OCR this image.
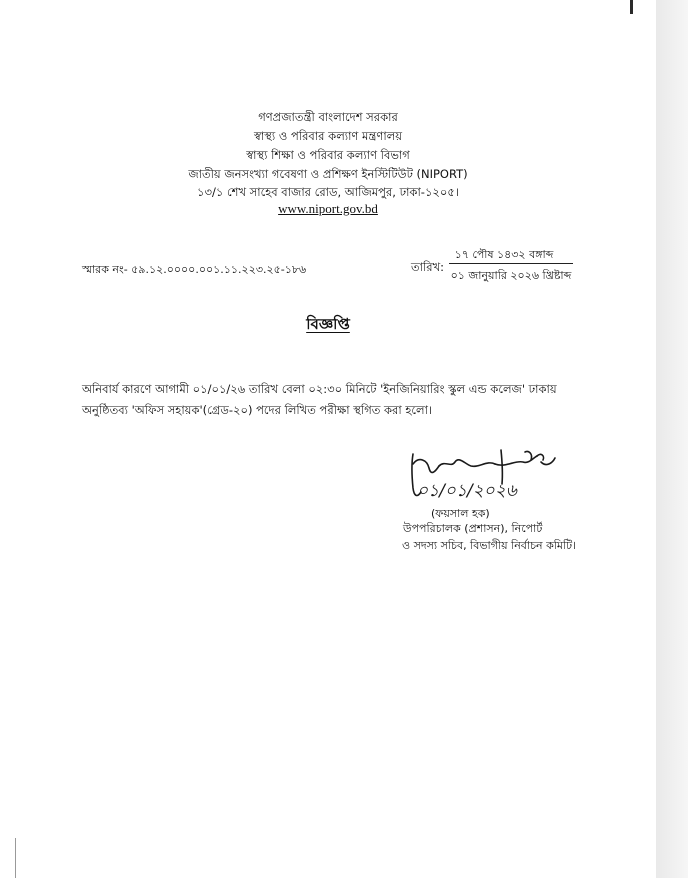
গণপ্রজাতন্ত্রী বাংলাদেশ সরকার
স্বাস্থ্য ও পরিবার কল্যাণ মন্ত্রণালয়
স্বাস্থ্য শিক্ষা ও পরিবার কল্যাণ বিভাগ
জাতীয় জনসংখ্যা গবেষণা ও প্রশিক্ষণ ইনস্টিটিউট (NIPORT)
১৩/১ শেখ সাহেব বাজার রোড, আজিমপুর, ঢাকা-১২০৫।
www.niport.gov.bd
স্মারক নং- ৫৯.১২.০০০০.০০১.১১.২২৩.২৫-১৮৬	তারিখ:
১৭ পৌষ ১৪৩২ বঙ্গাব্দ
০১ জানুয়ারি ২০২৬ খ্রিষ্টাব্দ
বিজ্ঞপ্তি
অনিবার্য কারণে আগামী ০১/০১/২৬ তারিখ বেলা ০২:৩০ মিনিটে 'ইনজিনিয়ারিং স্কুল এন্ড কলেজ' ঢাকায়
অনুষ্ঠিতব্য 'অফিস সহায়ক'(গ্রেড-২০) পদের লিখিত পরীক্ষা স্থগিত করা হলো।
০১/০১/২০২৬
(ফয়সাল হক)
উপপরিচালক (প্রশাসন), নিপোর্ট
ও সদস্য সচিব, বিভাগীয় নির্বাচন কমিটি।
